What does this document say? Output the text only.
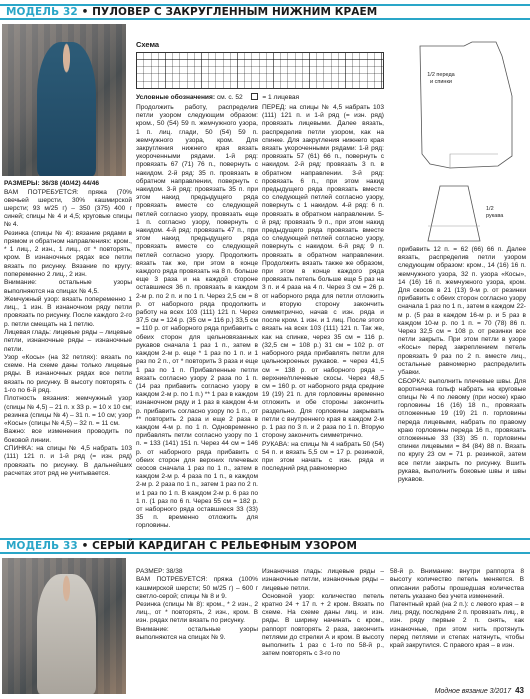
МОДЕЛЬ 32 • ПУЛОВЕР С ЗАКРУГЛЕННЫМ НИЖНИМ КРАЕМ
Схема
Условные обозначения: см. с. 52	= 1 лицевая
1/2 переда и спинки
1/2 рукава

РАЗМЕРЫ: 36/38 (40/42) 44/46

ВАМ ПОТРЕБУЕТСЯ: пряжа (70% овечьей шерсти, 30% кашмирской шерсти; 93 м/25 г) – 350 (375) 400 г синей; спицы № 4 и 4,5; круговые спицы № 4.

Резинка (спицы № 4): вязание рядами в прямом и обратном направлениях: кром., * 1 лиц., 2 изн., 1 лиц., от * повторять, кром. В изнаночных рядах все петли вязать по рисунку. Вязание по кругу: попеременно 2 лиц., 2 изн.

Внимание: остальные узоры выполняются на спицах № 4,5.

Жемчужный узор: вязать попеременно 1 лиц., 1 изн. В изнаночном ряду петли провязать по рисунку. После каждого 2-го р. петли смещать на 1 петлю.

Лицевая гладь: лицевые ряды – лицевые петли, изнаночные ряды – изнаночные петли.

Узор «Косы» (на 32 петлях): вязать по схеме. На схеме даны только лицевые ряды. В изнаночных рядах все петли вязать по рисунку. В высоту повторять с 1-го по 6-й ряд.

Плотность вязания: жемчужный узор (спицы № 4,5) – 21 п. х 33 р. = 10 х 10 см; резинка (спицы № 4) – 31 п. = 10 см; узор «Косы» (спицы № 4,5) – 32 п. = 11 см.

Важно: все изменения проводить по боковой линии.

СПИНКА: на спицы № 4,5 набрать 103 (111) 121 п. и 1-й ряд (= изн. ряд) провязать по рисунку. В дальнейших расчетах этот ряд не учитывается.

Продолжить работу, распределив петли узором следующим образом: кром., 50 (54) 59 п. жемчужного узора, 1 п. лиц. глади, 50 (54) 59 п. жемчужного узора, кром. Для закругления нижнего края вязать укороченными рядами. 1-й ряд: провязать 67 (71) 76 п., повернуть с накидом. 2-й ряд: 35 п. провязать в обратном направлении, повернуть с накидом. 3-й ряд: провязать 35 п. при этом накид предыдущего ряда провязать вместе со следующей петлей согласно узору, провязать еще 1 п. согласно узору, повернуть с накидом. 4-й ряд: провязать 47 п., при этом накид предыдущего ряда провязать вместе со следующей петлей согласно узору. Продолжить вязать так же, при этом в конце каждого ряда провязать на 8 п. больше еще 3 раза и на каждой стороне оставшиеся 36 п. провязать в каждом 2-м р. по 2 п. и по 1 п. Через 2,5 см = 8 р. от наборного ряда продолжить работу на всех 103 (111) 121 п. Через 37,5 см = 124 р. (35 см = 116 р.) 33,5 см = 110 р. от наборного ряда прибавить с обеих сторон для цельновязанных рукавов сначала 1 раз 1 п., затем в каждом 2-м р. еще * 1 раз по 1 п. и 1 раз по 2 п., от * повторить 3 раза и еще 1 раз по 1 п. Прибавленные петли вязать согласно узору 2 раза по 1 п. (14 раз прибавить согласно узору в каждом 2-м р. по 1 п.) ** 1 раз в каждом изнаночном ряду и 1 раз в каждом 4-м р. прибавить согласно узору по 1 п., от ** повторить 2 раза и еще 2 раза в каждом 4-м р. по 1 п. Одновременно прибавлять петли согласно узору по 1 п. = 133 (141) 151 п. Через 44 см = 146 р. от наборного ряда прибавить с обеих сторон для верхних плечевых скосов сначала 1 раз по 1 п., затем в каждом 2-м р. 4 раза по 1 п., в каждом 2-м р. 2 раза по 1 п., затем 1 раз по 2 п. и 1 раз по 1 п. В каждом 2-м р. 6 раз по 1 п. (1 раз по 6 п. Через 55 см = 182 р. от наборного ряда оставшиеся 33 (33) 35 п. временно отложить для горловины.

ПЕРЕД: на спицы № 4,5 набрать 103 (111) 121 п. и 1-й ряд (= изн. ряд) провязать лицевыми. Далее вязать, распределив петли узором, как на спинке. Для закругления нижнего края вязать укороченными рядами: 1-й ряд: провязать 57 (61) 66 п., повернуть с накидом. 2-й ряд: провязать 3 п. в обратном направлении. 3-й ряд: провязать 6 п., при этом накид предыдущего ряда провязать вместе со следующей петлей согласно узору, повернуть с 1 накидом. 4-й ряд: 6 п. провязать в обратном направлении. 5-й ряд: провязать 9 п., при этом накид предыдущего ряда провязать вместе со следующей петлей согласно узору, повернуть с накидом. 6-й ряд: 9 п. провязать в обратном направлении. Продолжить вязать также же образом, при этом в конце каждого ряда провязать петель больше еще 5 раз на 3 п. и 4 раза на 4 п. Через 3 см = 26 р. от наборного ряда для петли отложить и вторую сторону закончить симметрично, начав с изн. ряда и после кром. 1 изн. и 1 лиц. После этого вязать на всех 103 (111) 121 п. Так же, как на спинке, через 35 см = 116 р. (32,5 см = 108 р.) 31 см = 102 р. от наборного ряда прибавлять петли для цельнокроеных рукавов. = через 41,5 см = 138 р. от наборного ряда – верхние/плечевые скосы. Через 48,5 см = 160 р. от наборного ряда средние 19 (19) 21 п. для горловины временно отложить и обе стороны закончить раздельно. Для горловины закрывать петли с внутреннего края в каждом 2-м р. 1 раз по 3 п. и 2 раза по 1 п. Вторую сторону закончить симметрично.

РУКАВА: на спицы № 4 набрать 50 (54) 54 п. и вязать 5,5 см = 17 р. резинкой, при этом начать с изн. ряда и последний ряд равномерно

прибавить 12 п. = 62 (66) 66 п. Далее вязать, распределив петли узором следующим образом: кром., 14 (16) 16 п. жемчужного узора, 32 п. узора «Косы», 14 (16) 16 п. жемчужного узора, кром. Для скосов в 21 (13) 9-м р. от резинки прибавить с обеих сторон согласно узору сначала 1 раз по 1 п., затем в каждом 22-м р. (5 раз в каждом 16-м р. и 5 раз в каждом 10-м р. по 1 п. = 70 (78) 86 п. Через 32,5 см = 108 р. от резинки все петли закрыть. При этом петли в узоре «Косы» перед закреплением петель провязать 9 раз по 2 п. вместе лиц., остальные равномерно распределить убавки.

СБОРКА: выполнить плечевые швы. Для воротничка гольф набрать на круговые спицы № 4 по левому (при носке) краю горловины 16 (16) 18 п., провязать отложенные 19 (19) 21 п. горловины переда лицевыми, набрать по правому краю горловины переда 16 п., провязать отложенные 33 (33) 35 п. горловины спинки лицевыми = 84 (84) 88 п. Вязать по кругу 23 см = 71 р. резинкой, затем все петли закрыть по рисунку. Вшить рукава, выполнить боковые швы и швы рукавов.

МОДЕЛЬ 33 • СЕРЫЙ КАРДИГАН С РЕЛЬЕФНЫМ УЗОРОМ

РАЗМЕР: 38/38
ВАМ ПОТРЕБУЕТСЯ: пряжа (100% кашмирской шерсти; 50 м/25 г) – 600 г светло-серой; спицы № 8 и 9.
Резинка (спицы № 8): кром., * 2 изн., 2 лиц., от * повторять, 2 изн., кром. В изн. рядах петли вязать по рисунку.
Внимание: остальные узоры выполняются на спицах № 9.

Изнаночная гладь: лицевые ряды – изнаночные петли, изнаночные ряды – лицевые петли.
Основной узор: количество петель кратно 24 + 17 п. + 2 кром. Вязать по схеме. На схеме даны лиц. и изн. ряды. В ширину начинать с кром., раппорт повторять 2 раза, закончить петлями до стрелки А и кром. В высоту выполнить 1 раз с 1-го по 58-й р., затем повторять с 3-го по

58-й р. Внимание: внутри раппорта 8 высоту количество петель меняется. В описании работы прошедшая количества петель указано без учета изменений.
Патентный край (на 2 п.): с левого края – в лиц. ряду, последние 2 п. провязать лиц., в изн. ряду первые 2 п. снять, как изнаночные, при этом нить протянуть перед петлями и степах натянуть, чтобы край закрутился. С правого края – в изн.

Модное вязание 3/2017 43
